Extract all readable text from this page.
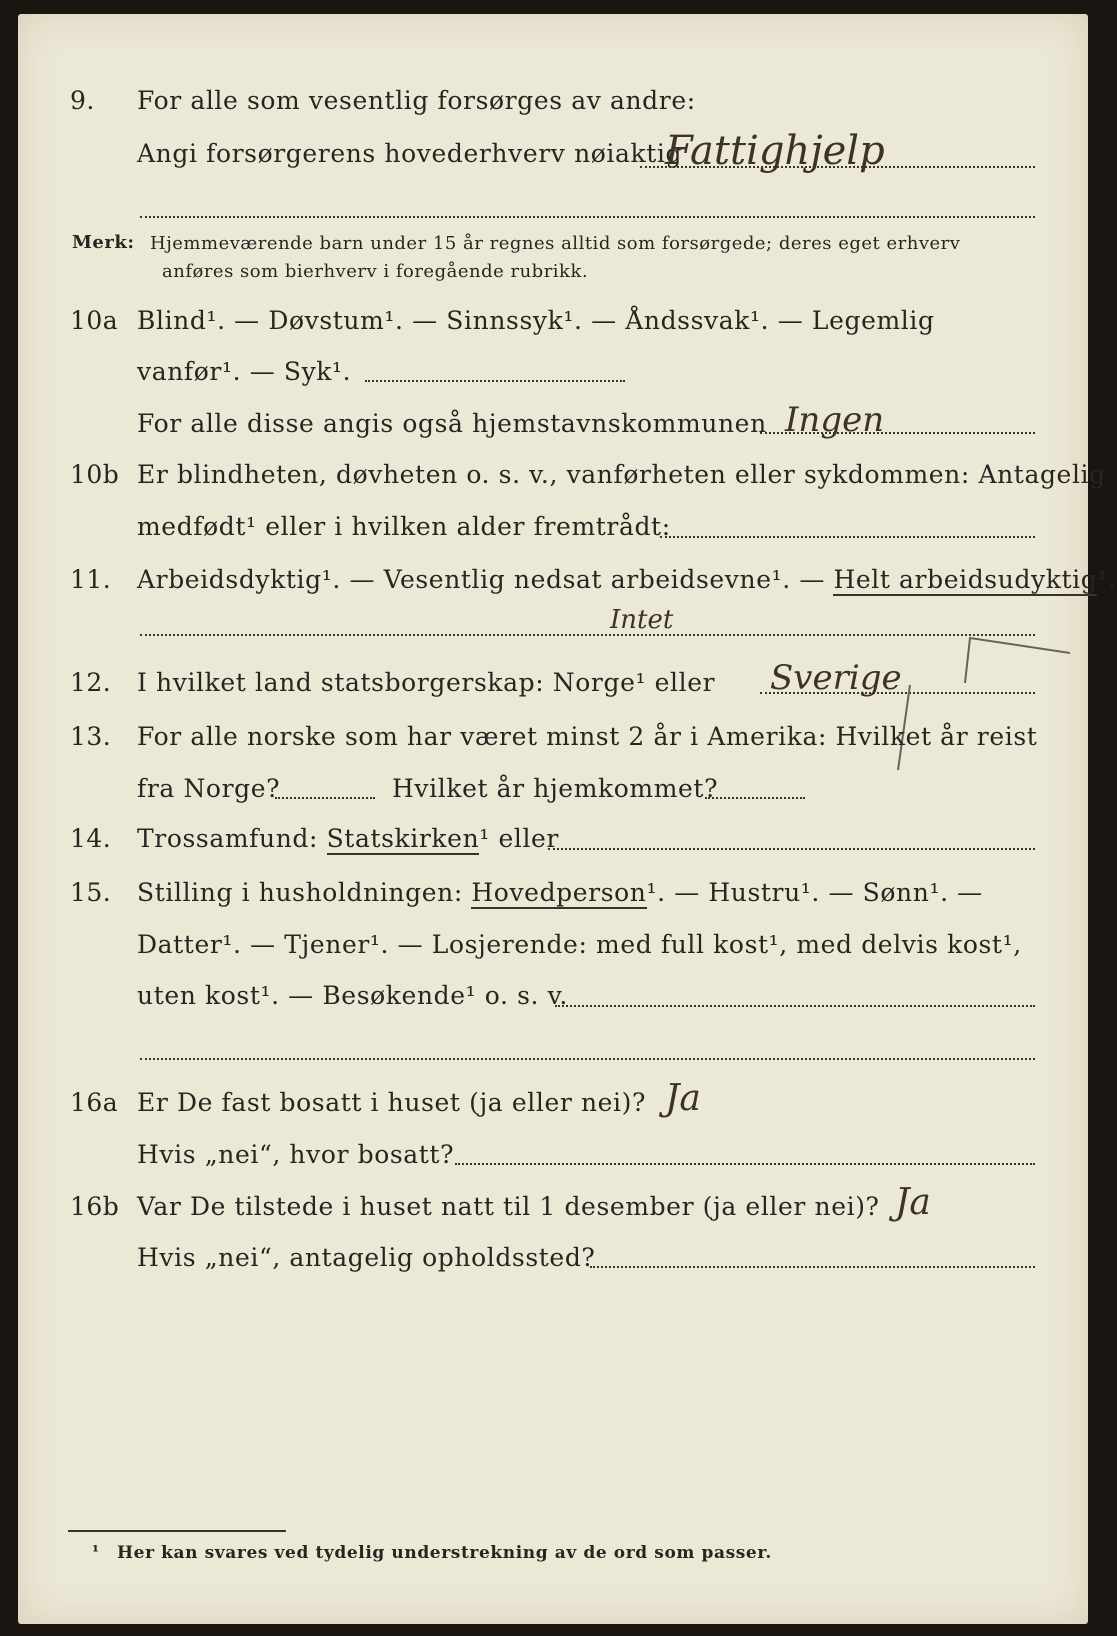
9. For alle som vesentlig forsørges av andre:
Angi forsørgerens hovederhverv nøiaktig
Fattighjelp
Merk: Hjemmeværende barn under 15 år regnes alltid som forsørgede; deres eget erhverv
anføres som bierhverv i foregående rubrikk.
10a Blind¹. — Døvstum¹. — Sinnssyk¹. — Åndssvak¹. — Legemlig
vanfør¹. — Syk¹.
For alle disse angis også hjemstavnskommunen Ingen
10b Er blindheten, døvheten o. s. v., vanførheten eller sykdommen: Antagelig
medfødt¹ eller i hvilken alder fremtrådt:
11. Arbeidsdyktig¹. — Vesentlig nedsat arbeidsevne¹. — Helt arbeidsudyktig¹.
Intet
12. I hvilket land statsborgerskap: Norge¹ eller Sverige
13. For alle norske som har været minst 2 år i Amerika: Hvilket år reist
fra Norge?	Hvilket år hjemkommet?
14. Trossamfund: Statskirken¹ eller
15. Stilling i husholdningen: Hovedperson¹. — Hustru¹. — Sønn¹. —
Datter¹. — Tjener¹. — Losjerende: med full kost¹, med delvis kost¹,
uten kost¹. — Besøkende¹ o. s. v.
16a Er De fast bosatt i huset (ja eller nei)? Ja
Hvis „nei“, hvor bosatt?
16b Var De tilstede i huset natt til 1 desember (ja eller nei)? Ja
Hvis „nei“, antagelig opholdssted?
¹ Her kan svares ved tydelig understrekning av de ord som passer.
